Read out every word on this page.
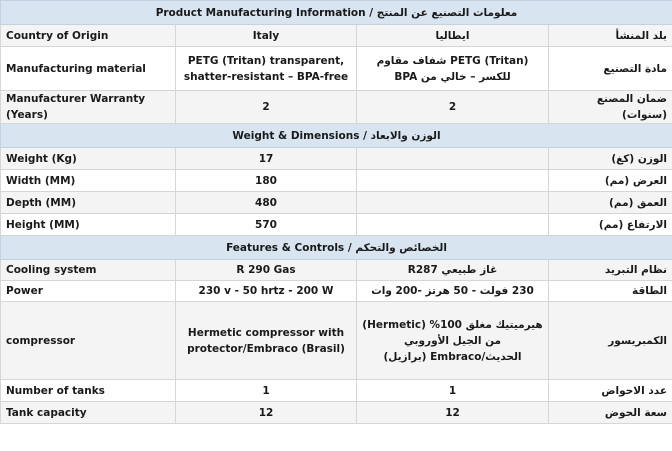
Product Manufacturing Information / معلومات التصنيع عن المنتج			
Country of Origin	Italy	ايطاليا	بلد المنشأ
Manufacturing material	PETG (Tritan) transparent, shatter-resistant – BPA-free	PETG (Tritan) شفاف مقاوم للكسر – خالي من BPA	مادة التصنيع
Manufacturer Warranty (Years)	2	2	ضمان المصنع (سنوات)
Weight & Dimensions / الوزن والابعاد			
Weight (Kg)	17		الوزن (كغ)
Width (MM)	180		العرض (مم)
Depth (MM)	480		العمق (مم)
Height (MM)	570		الارتفاع (مم)
Features & Controls / الخصائص والتحكم			
Cooling system	R 290 Gas	غاز طبيعي R287	نظام التبريد
Power	230 v - 50 hrtz - 200 W	230 فولت - 50 هرتز -200 وات	الطاقة
compressor	Hermetic compressor with protector/Embraco (Brasil)	هيرميتيك مغلق 100% (Hermetic) من الجيل الأوروبي الحديث/Embraco (برازيل)	الكمبريسور
Number of tanks	1	1	عدد الاحواض
Tank capacity	12	12	سعة الحوض
